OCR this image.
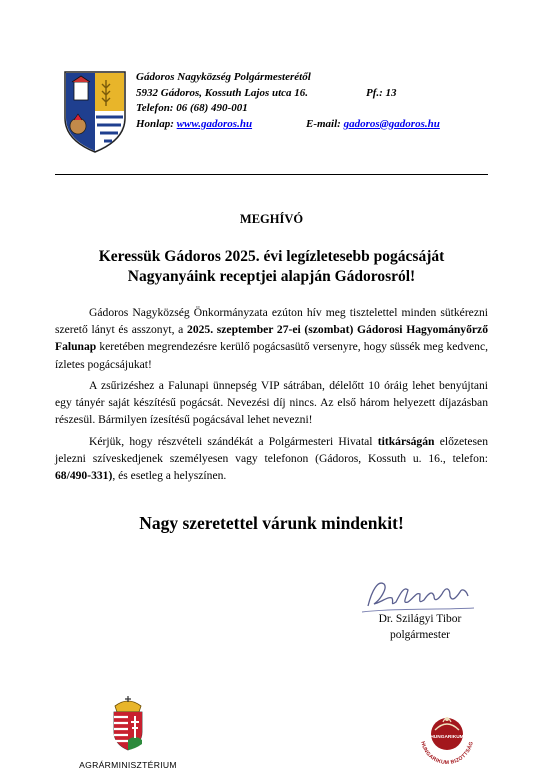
Gádoros Nagyközség Polgármesterétől
5932 Gádoros, Kossuth Lajos utca 16.	Pf.: 13
Telefon: 06 (68) 490-001
Honlap: www.gadoros.hu	E-mail: gadoros@gadoros.hu
MEGHÍVÓ
Keressük Gádoros 2025. évi legízletesebb pogácsáját
Nagyanyáink receptjei alapján Gádorosról!
Gádoros Nagyközség Önkormányzata ezúton hív meg tisztelettel minden sütkérezni szerető lányt és asszonyt, a 2025. szeptember 27-ei (szombat) Gádorosi Hagyományőrző Falunap keretében megrendezésre kerülő pogácsasütő versenyre, hogy süssék meg kedvenc, ízletes pogácsájukat!
A zsűrizéshez a Falunapi ünnepség VIP sátrában, délelőtt 10 óráig lehet benyújtani egy tányér saját készítésű pogácsát. Nevezési díj nincs. Az első három helyezett díjazásban részesül. Bármilyen ízesítésű pogácsával lehet nevezni!
Kérjük, hogy részvételi szándékát a Polgármesteri Hivatal titkárságán előzetesen jelezni szíveskedjenek személyesen vagy telefonon (Gádoros, Kossuth u. 16., telefon: 68/490-331), és esetleg a helyszínen.
Nagy szeretettel várunk mindenkit!
Dr. Szilágyi Tibor
polgármester
AGRÁRMINISZTÉRIUM
HUNGARIKUM
HUNGARIKUM BIZOTTSÁG
